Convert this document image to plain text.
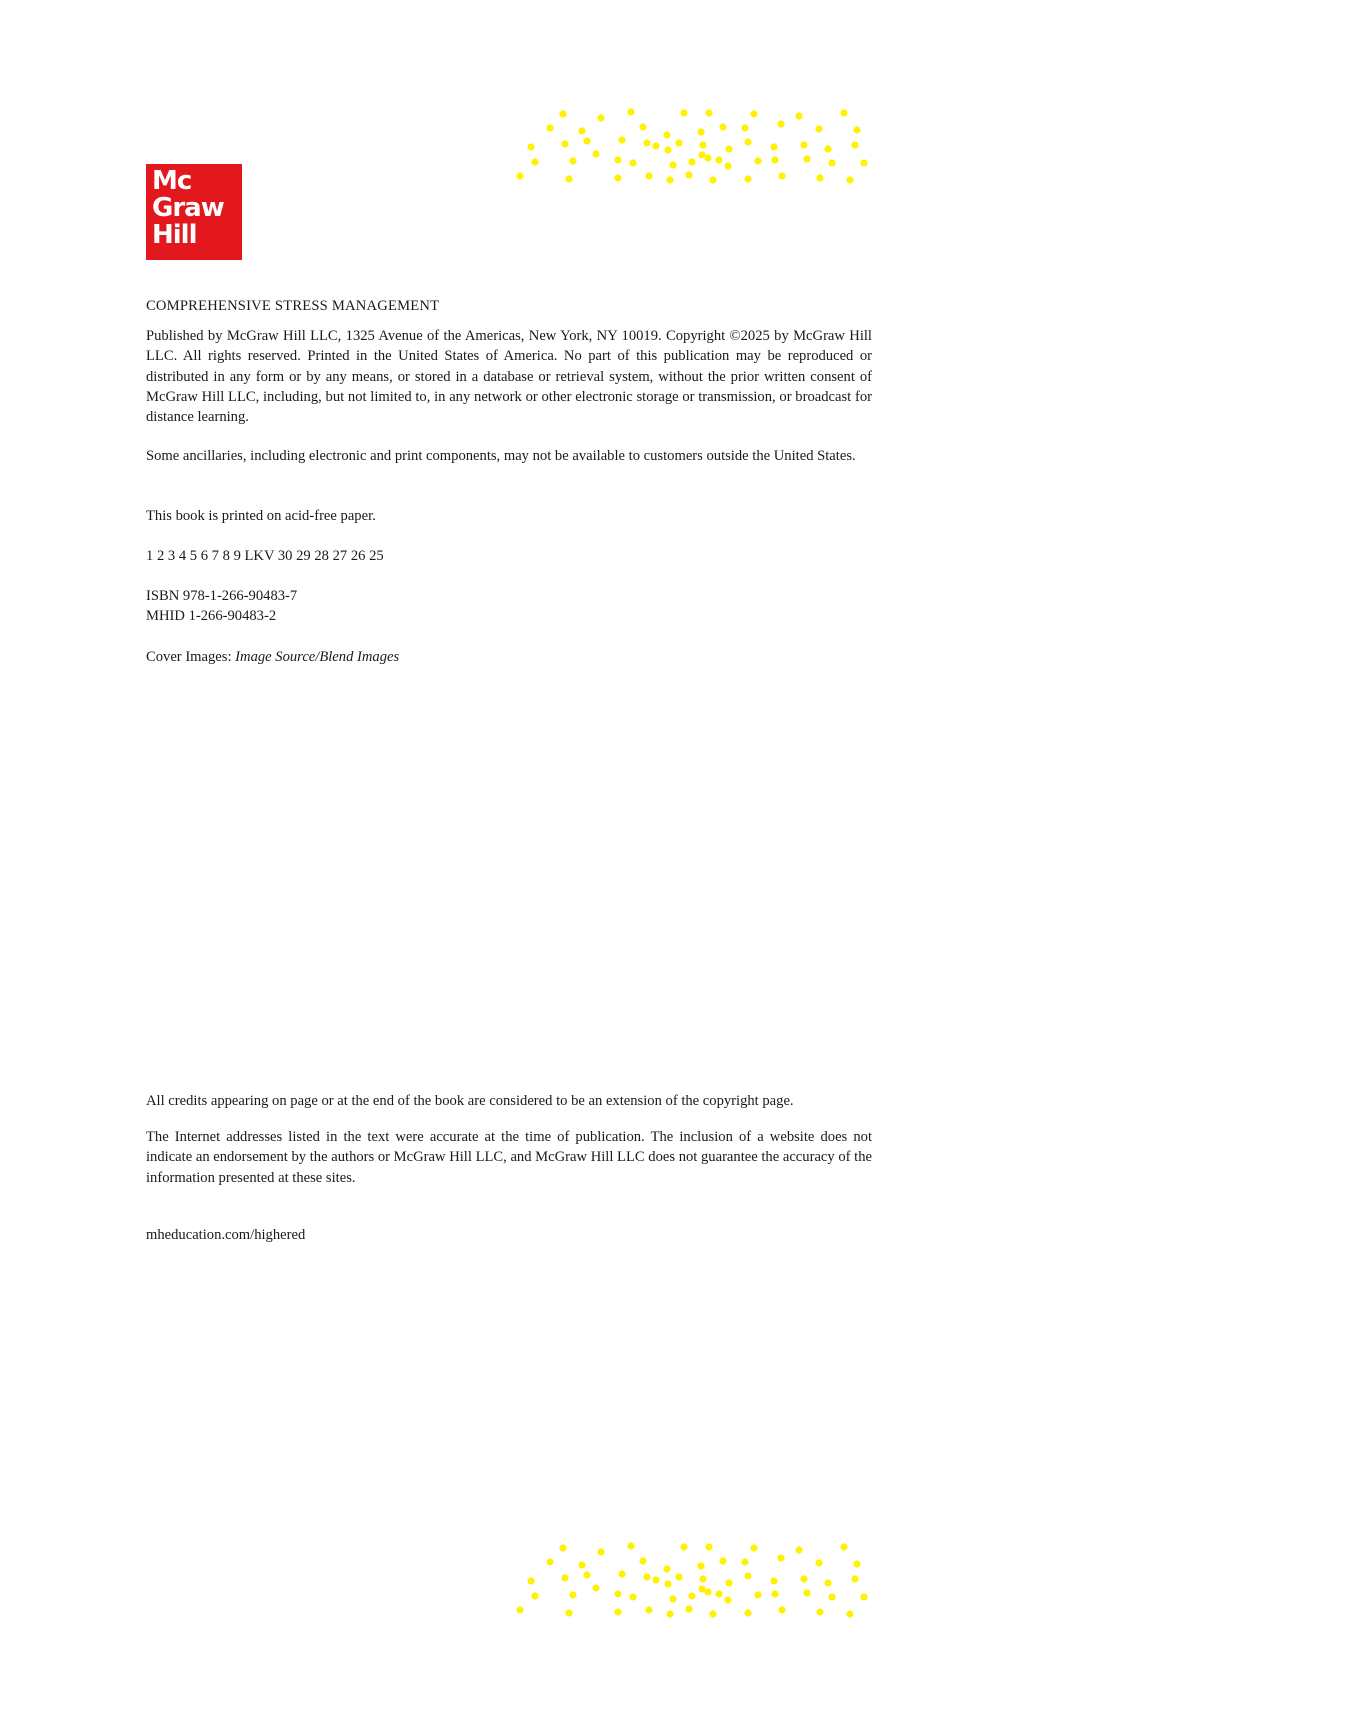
Mc
Graw
Hill

COMPREHENSIVE STRESS MANAGEMENT

Published by McGraw Hill LLC, 1325 Avenue of the Americas, New York, NY 10019. Copyright ©2025 by McGraw Hill LLC. All rights reserved. Printed in the United States of America. No part of this publication may be reproduced or distributed in any form or by any means, or stored in a database or retrieval system, without the prior written consent of McGraw Hill LLC, including, but not limited to, in any network or other electronic storage or transmission, or broadcast for distance learning.

Some ancillaries, including electronic and print components, may not be available to customers outside the United States.

This book is printed on acid-free paper.

1 2 3 4 5 6 7 8 9 LKV 30 29 28 27 26 25

ISBN 978-1-266-90483-7

MHID 1-266-90483-2

Cover Images: Image Source/Blend Images

All credits appearing on page or at the end of the book are considered to be an extension of the copyright page.

The Internet addresses listed in the text were accurate at the time of publication. The inclusion of a website does not indicate an endorsement by the authors or McGraw Hill LLC, and McGraw Hill LLC does not guarantee the accuracy of the information presented at these sites.

mheducation.com/highered
